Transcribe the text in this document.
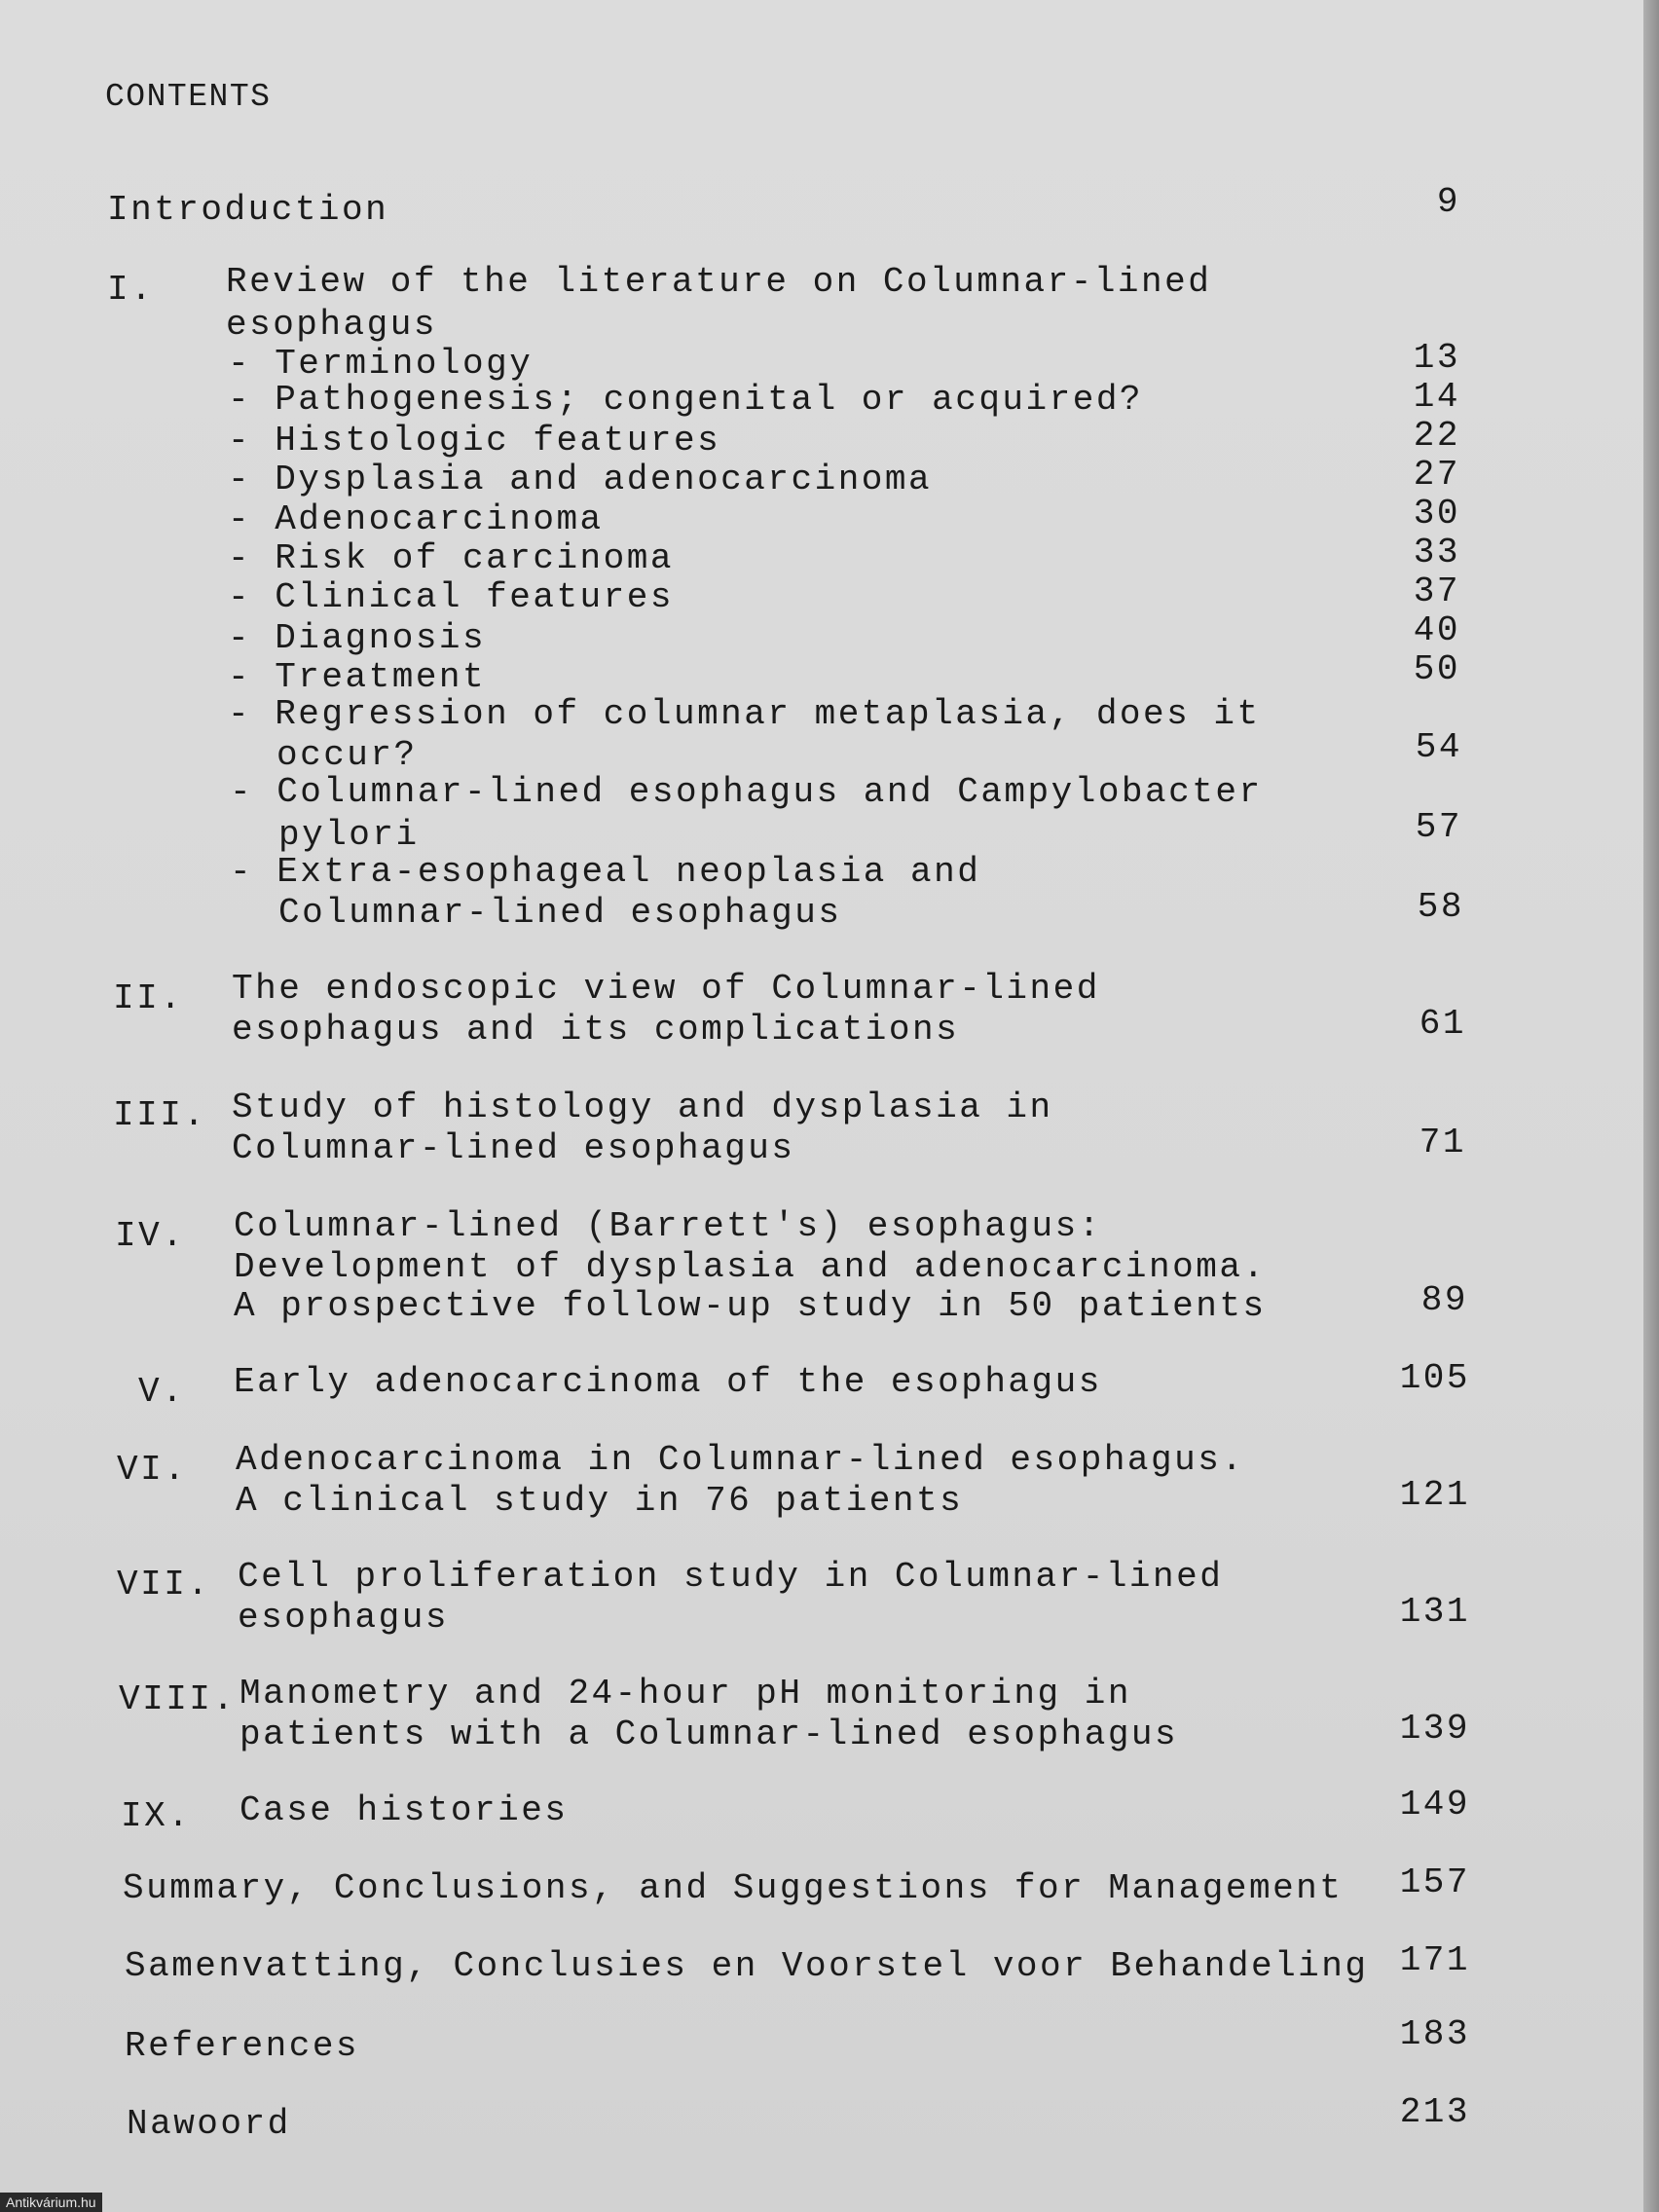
CONTENTS
Introduction	9
I. Review of the literature on Columnar-lined
esophagus
- Terminology	13
- Pathogenesis; congenital or acquired?	14
- Histologic features	22
- Dysplasia and adenocarcinoma	27
- Adenocarcinoma	30
- Risk of carcinoma	33
- Clinical features	37
- Diagnosis	40
- Treatment	50
- Regression of columnar metaplasia, does it
occur?	54
- Columnar-lined esophagus and Campylobacter
pylori	57
- Extra-esophageal neoplasia and
Columnar-lined esophagus	58
II. The endoscopic view of Columnar-lined
esophagus and its complications	61
III. Study of histology and dysplasia in
Columnar-lined esophagus	71
IV. Columnar-lined (Barrett's) esophagus:
Development of dysplasia and adenocarcinoma.
A prospective follow-up study in 50 patients	89
V. Early adenocarcinoma of the esophagus	105
VI. Adenocarcinoma in Columnar-lined esophagus.
A clinical study in 76 patients	121
VII. Cell proliferation study in Columnar-lined
esophagus	131
VIII. Manometry and 24-hour pH monitoring in
patients with a Columnar-lined esophagus	139
IX. Case histories	149
Summary, Conclusions, and Suggestions for Management	157
Samenvatting, Conclusies en Voorstel voor Behandeling 171
References	183
Nawoord	213
Antikvárium.hu
